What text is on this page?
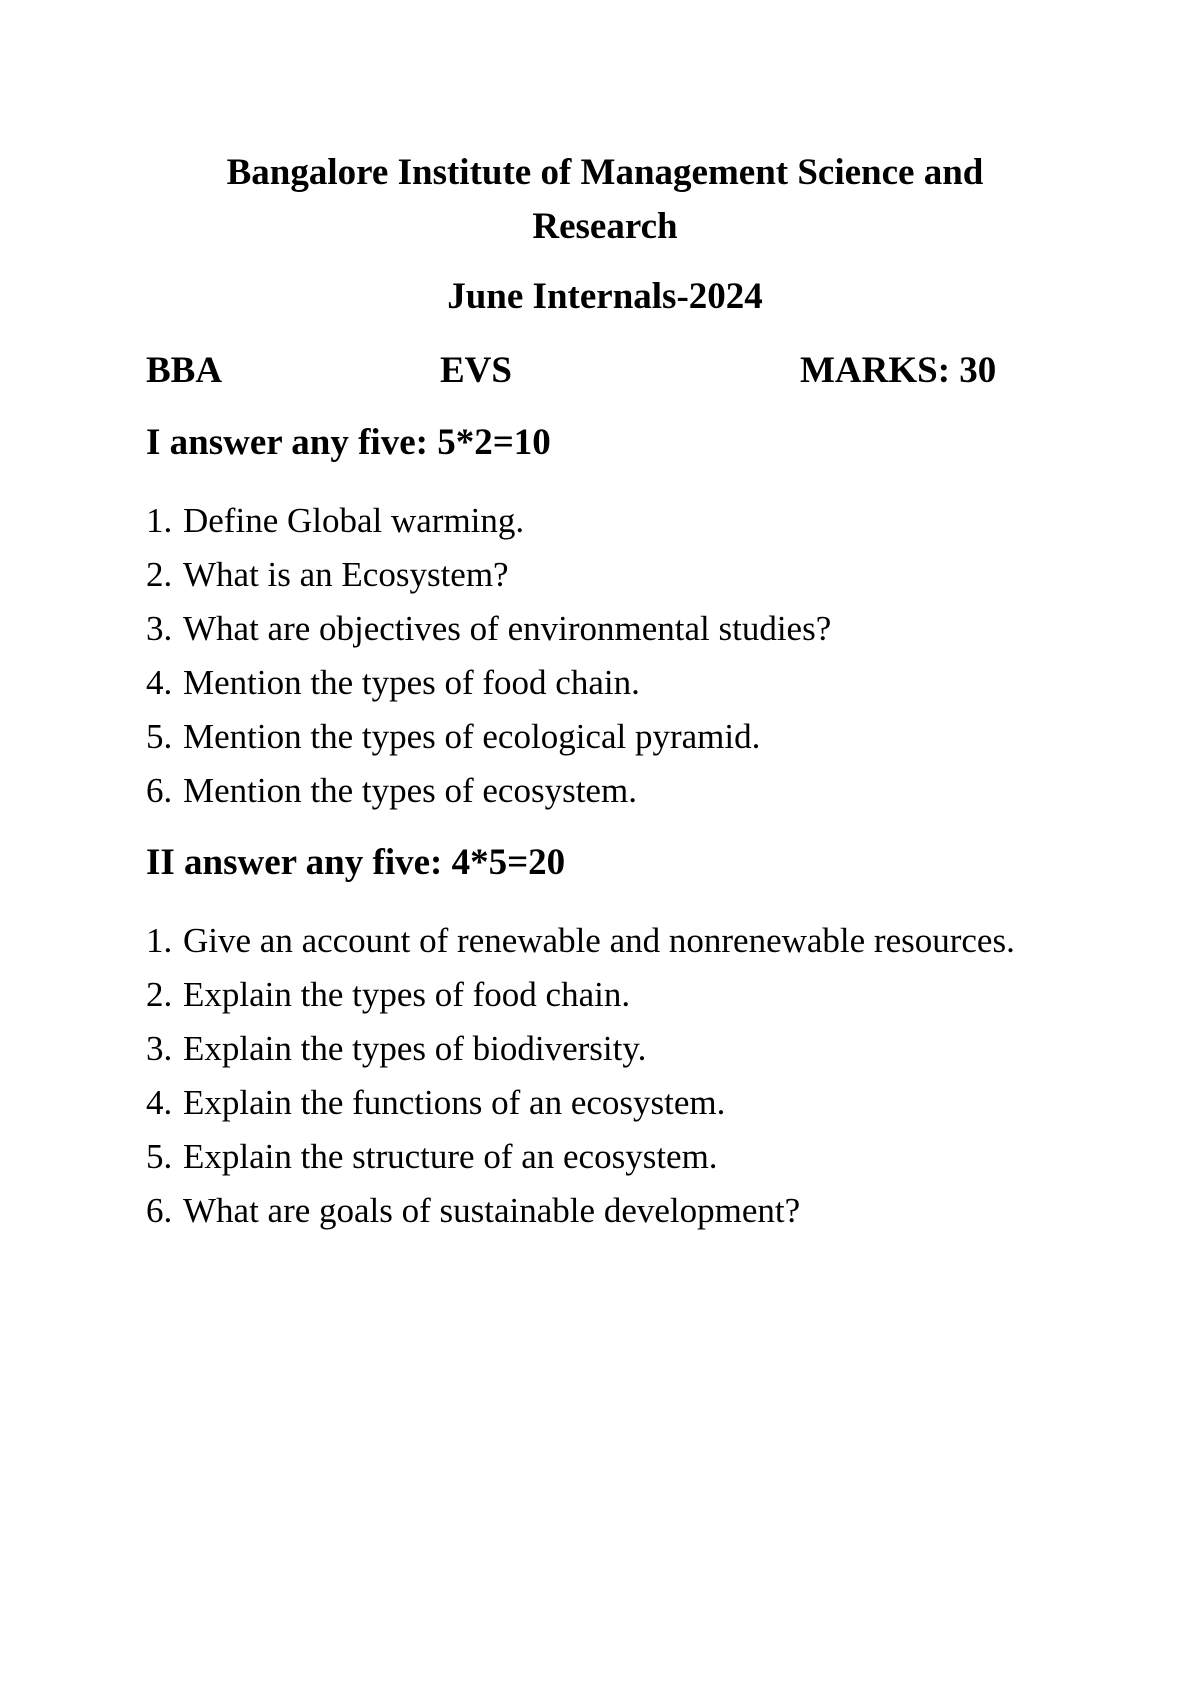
Bangalore Institute of Management Science and Research
June Internals-2024
BBA	EVS	MARKS: 30
I answer any five: 5*2=10
1. Define Global warming.
2. What is an Ecosystem?
3. What are objectives of environmental studies?
4. Mention the types of food chain.
5. Mention the types of ecological pyramid.
6. Mention the types of ecosystem.
II answer any five: 4*5=20
1. Give an account of renewable and nonrenewable resources.
2. Explain the types of food chain.
3. Explain the types of biodiversity.
4. Explain the functions of an ecosystem.
5. Explain the structure of an ecosystem.
6. What are goals of sustainable development?
